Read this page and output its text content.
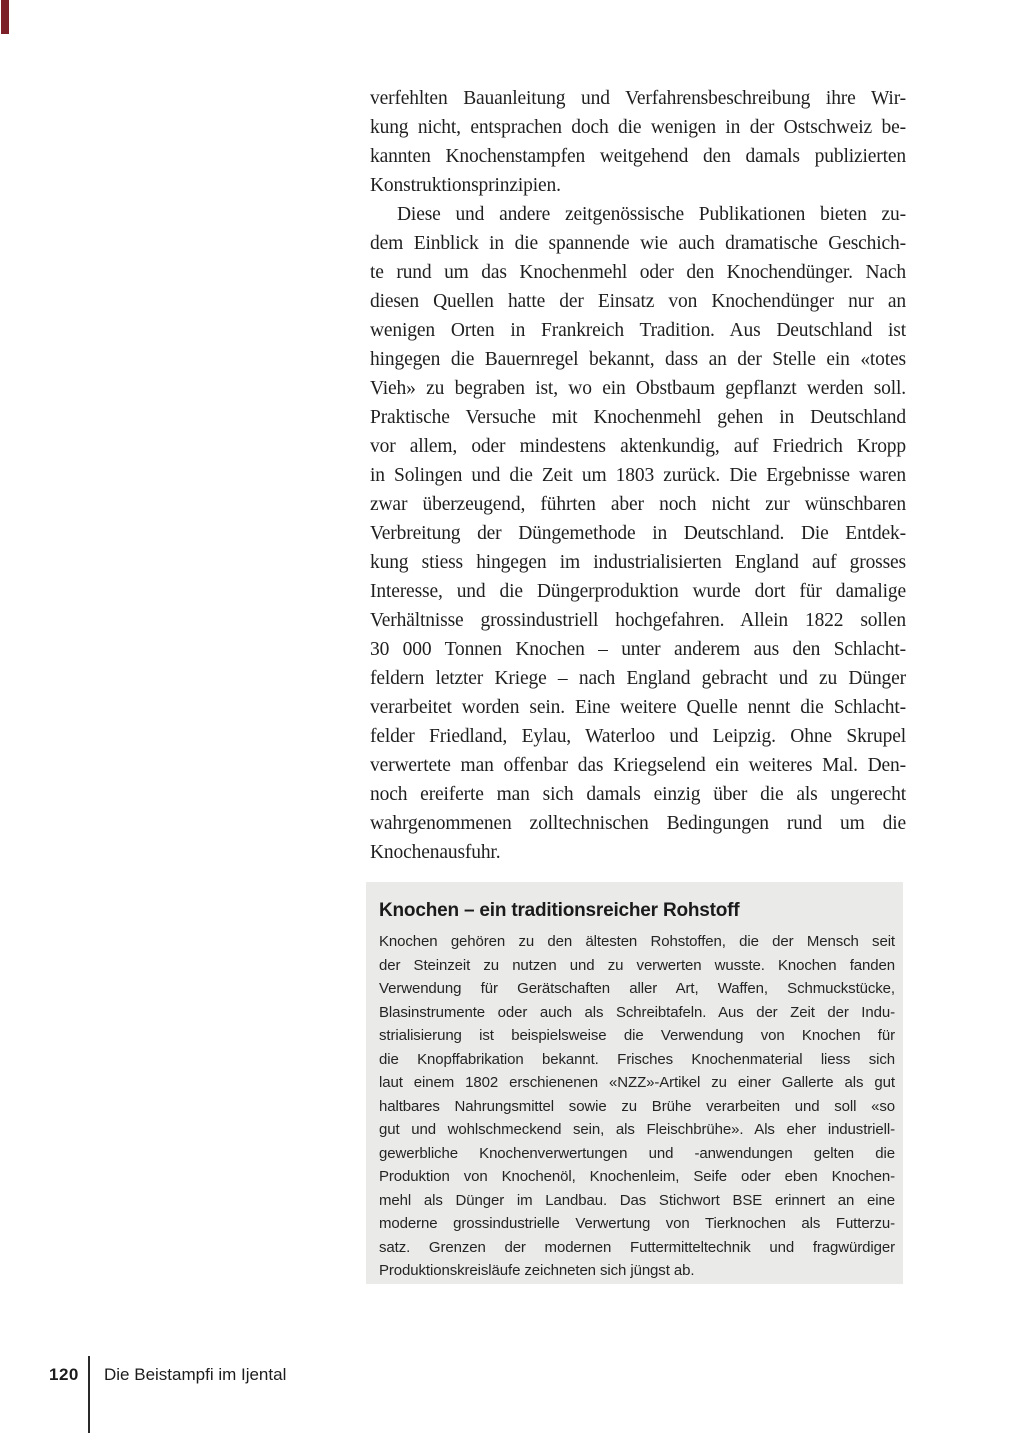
verfehlten Bauanleitung und Verfahrensbeschreibung ihre Wir-
kung nicht, entsprachen doch die wenigen in der Ostschweiz be-
kannten Knochenstampfen weitgehend den damals publizierten
Konstruktionsprinzipien.
Diese und andere zeitgenössische Publikationen bieten zu-
dem Einblick in die spannende wie auch dramatische Geschich-
te rund um das Knochenmehl oder den Knochendünger. Nach
diesen Quellen hatte der Einsatz von Knochendünger nur an
wenigen Orten in Frankreich Tradition. Aus Deutschland ist
hingegen die Bauernregel bekannt, dass an der Stelle ein «totes
Vieh» zu begraben ist, wo ein Obstbaum gepflanzt werden soll.
Praktische Versuche mit Knochenmehl gehen in Deutschland
vor allem, oder mindestens aktenkundig, auf Friedrich Kropp
in Solingen und die Zeit um 1803 zurück. Die Ergebnisse waren
zwar überzeugend, führten aber noch nicht zur wünschbaren
Verbreitung der Düngemethode in Deutschland. Die Entdek-
kung stiess hingegen im industrialisierten England auf grosses
Interesse, und die Düngerproduktion wurde dort für damalige
Verhältnisse grossindustriell hochgefahren. Allein 1822 sollen
30 000 Tonnen Knochen – unter anderem aus den Schlacht-
feldern letzter Kriege – nach England gebracht und zu Dünger
verarbeitet worden sein. Eine weitere Quelle nennt die Schlacht-
felder Friedland, Eylau, Waterloo und Leipzig. Ohne Skrupel
verwertete man offenbar das Kriegselend ein weiteres Mal. Den-
noch ereiferte man sich damals einzig über die als ungerecht
wahrgenommenen zolltechnischen Bedingungen rund um die
Knochenausfuhr.
Knochen – ein traditionsreicher Rohstoff
Knochen gehören zu den ältesten Rohstoffen, die der Mensch seit
der Steinzeit zu nutzen und zu verwerten wusste. Knochen fanden
Verwendung für Gerätschaften aller Art, Waffen, Schmuckstücke,
Blasinstrumente oder auch als Schreibtafeln. Aus der Zeit der Indu-
strialisierung ist beispielsweise die Verwendung von Knochen für
die Knopffabrikation bekannt. Frisches Knochenmaterial liess sich
laut einem 1802 erschienenen «NZZ»-Artikel zu einer Gallerte als gut
haltbares Nahrungsmittel sowie zu Brühe verarbeiten und soll «so
gut und wohlschmeckend sein, als Fleischbrühe». Als eher industriell-
gewerbliche Knochenverwertungen und -anwendungen gelten die
Produktion von Knochenöl, Knochenleim, Seife oder eben Knochen-
mehl als Dünger im Landbau. Das Stichwort BSE erinnert an eine
moderne grossindustrielle Verwertung von Tierknochen als Futterzu-
satz. Grenzen der modernen Futtermitteltechnik und fragwürdiger
Produktionskreisläufe zeichneten sich jüngst ab.
120 Die Beistampfi im Ijental
